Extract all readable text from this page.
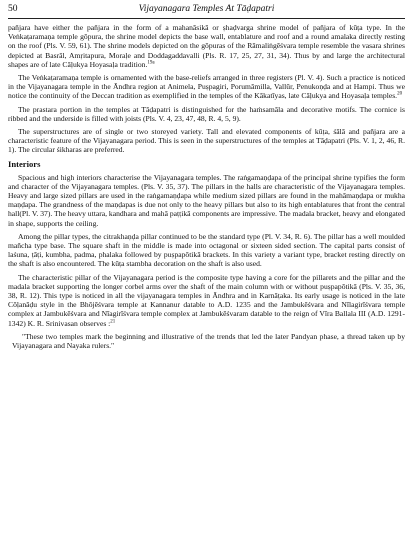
50	Vijayanagara Temples At Tāḍapatri

pañjara have either the pañjara in the form of a mahanāsikā or ṣhaḍvarga shrine model of pañjara of kūṭa type. In the Veṅkaṭaramaṇa temple gōpura, the shrine model depicts the base wall, entablature and roof and a round amalaka directly resting on the roof (Pls. V. 59, 61). The shrine models depicted on the gōpuras of the Rāmaliṅgēśvara temple resemble the vasara shrines depicted at Basrāl, Amṛitapura, Moraḷe and Doddagaddavalli (Pls. R. 17, 25, 27, 31, 34). Thus by and large the architectural shapes are of late Cāḷukya Hoyasaḷa tradition.$^{19a}$

The Veṅkaṭaramaṇa temple is ornamented with the base-reliefs arranged in three registers (Pl. V. 4). Such a practice is noticed in the Vijayanagara temple in the Āndhra region at Animela, Puṣpagiri, Porumāmilla, Vallūr, Penukoṇḍa and at Hampi. Thus we notice the continuity of the Deccan tradition as exemplified in the temples of the Kākatīyas, late Cāḷukya and Hoyasaḷa temples.$^{20}$

The prastara portion in the temples at Tāḍapatri is distinguished for the haṁsamāla and decorative motifs. The cornice is ribbed and the underside is filled with joists (Pls. V. 4, 23, 47, 48, R. 4, 5, 9).

The superstructures are of single or two storeyed variety. Tall and elevated components of kūṭa, śālā and pañjara are a characteristic feature of the Vijayanagara period. This is seen in the superstructures of the temples at Tāḍapatri (Pls. V. 1, 2, 46, R. 1). The circular śikharas are preferred.

Interiors

Spacious and high interiors characterise the Vijayanagara temples. The raṅgamaṇḍapa of the principal shrine typifies the form and character of the Vijayanagara temples. (Pls. V. 35, 37). The pillars in the halls are characteristic of the Vijayanagara temples. Heavy and large sized pillars are used in the raṅgamaṇḍapa while medium sized pillars are found in the mahāmaṇḍapa or mukha maṇḍapa. The grandness of the maṇḍapas is due not only to the heavy pillars but also to its high entablatures that front the central hall(Pl. V. 37). The heavy uttara, kandhara and mahā paṭṭikā components are impressive. The madala bracket, heavy and elongated in shape, supports the ceiling.

Among the pillar types, the citrakhaṇḍa pillar continued to be the standard type (Pl. V. 34, R. 6). The pillar has a well moulded mañcha type base. The square shaft in the middle is made into octagonal or sixteen sided section. The capital parts consist of laśuna, ṭāṭi, kumbha, padma, phalaka followed by puṣpapōtikā brackets. In this variety a variant type, bracket resting directly on the shaft is also encountered. The kūṭa stambha decoration on the shaft is also used.

The characteristic pillar of the Vijayanagara period is the composite type having a core for the pillarets and the pillar and the madala bracket supporting the longer corbel arms over the shaft of the main column with or without puṣpapōtikā (Pls. V. 35, 36, 38, R. 12). This type is noticed in all the vijayanagara temples in Āndhra and in Karnāṭaka. Its early usage is noticed in the late Cōḷanāḍu style in the Bhōjēśvara temple at Kannanur datable to A.D. 1235 and the Jambukēśvara and Nīlagirīśvara temple complex at Jambukēśvara and Nīagirīśvara temple complex at Jambukēśvaram datable to the reign of Vīra Ballala III (A.D. 1291-1342) K. R. Srinivasan observes :$^{21}$

"These two temples mark the beginning and illustrative of the trends that led the later Pandyan phase, a thread taken up by Vijayanagara and Nayaka rulers."
